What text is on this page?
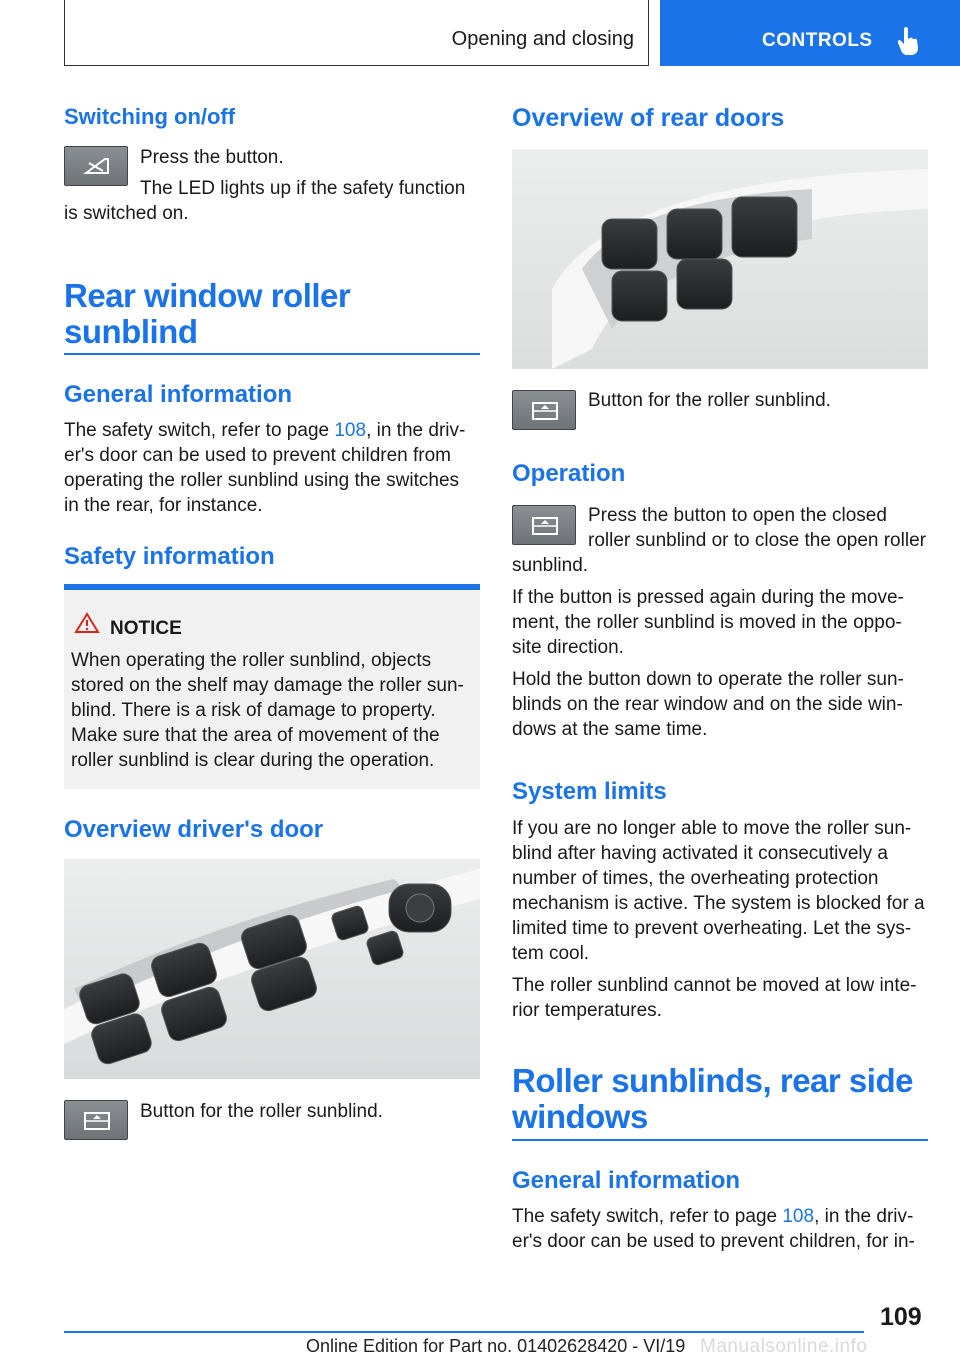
Opening and closing	CONTROLS
Switching on/off
Press the button.
The LED lights up if the safety function
is switched on.
Rear window roller
sunblind
General information
The safety switch, refer to page 108, in the driv‐
er's door can be used to prevent children from
operating the roller sunblind using the switches
in the rear, for instance.
Safety information
NOTICE
When operating the roller sunblind, objects
stored on the shelf may damage the roller sun‐
blind. There is a risk of damage to property.
Make sure that the area of movement of the
roller sunblind is clear during the operation.
Overview driver's door
Button for the roller sunblind.
Overview of rear doors
Button for the roller sunblind.
Operation
Press the button to open the closed
roller sunblind or to close the open roller
sunblind.
If the button is pressed again during the move‐
ment, the roller sunblind is moved in the oppo‐
site direction.
Hold the button down to operate the roller sun‐
blinds on the rear window and on the side win‐
dows at the same time.
System limits
If you are no longer able to move the roller sun‐
blind after having activated it consecutively a
number of times, the overheating protection
mechanism is active. The system is blocked for a
limited time to prevent overheating. Let the sys‐
tem cool.
The roller sunblind cannot be moved at low inte‐
rior temperatures.
Roller sunblinds, rear side
windows
General information
The safety switch, refer to page 108, in the driv‐
er's door can be used to prevent children, for in‐
109
Online Edition for Part no. 01402628420 - VI/19 Manualsonline.info
